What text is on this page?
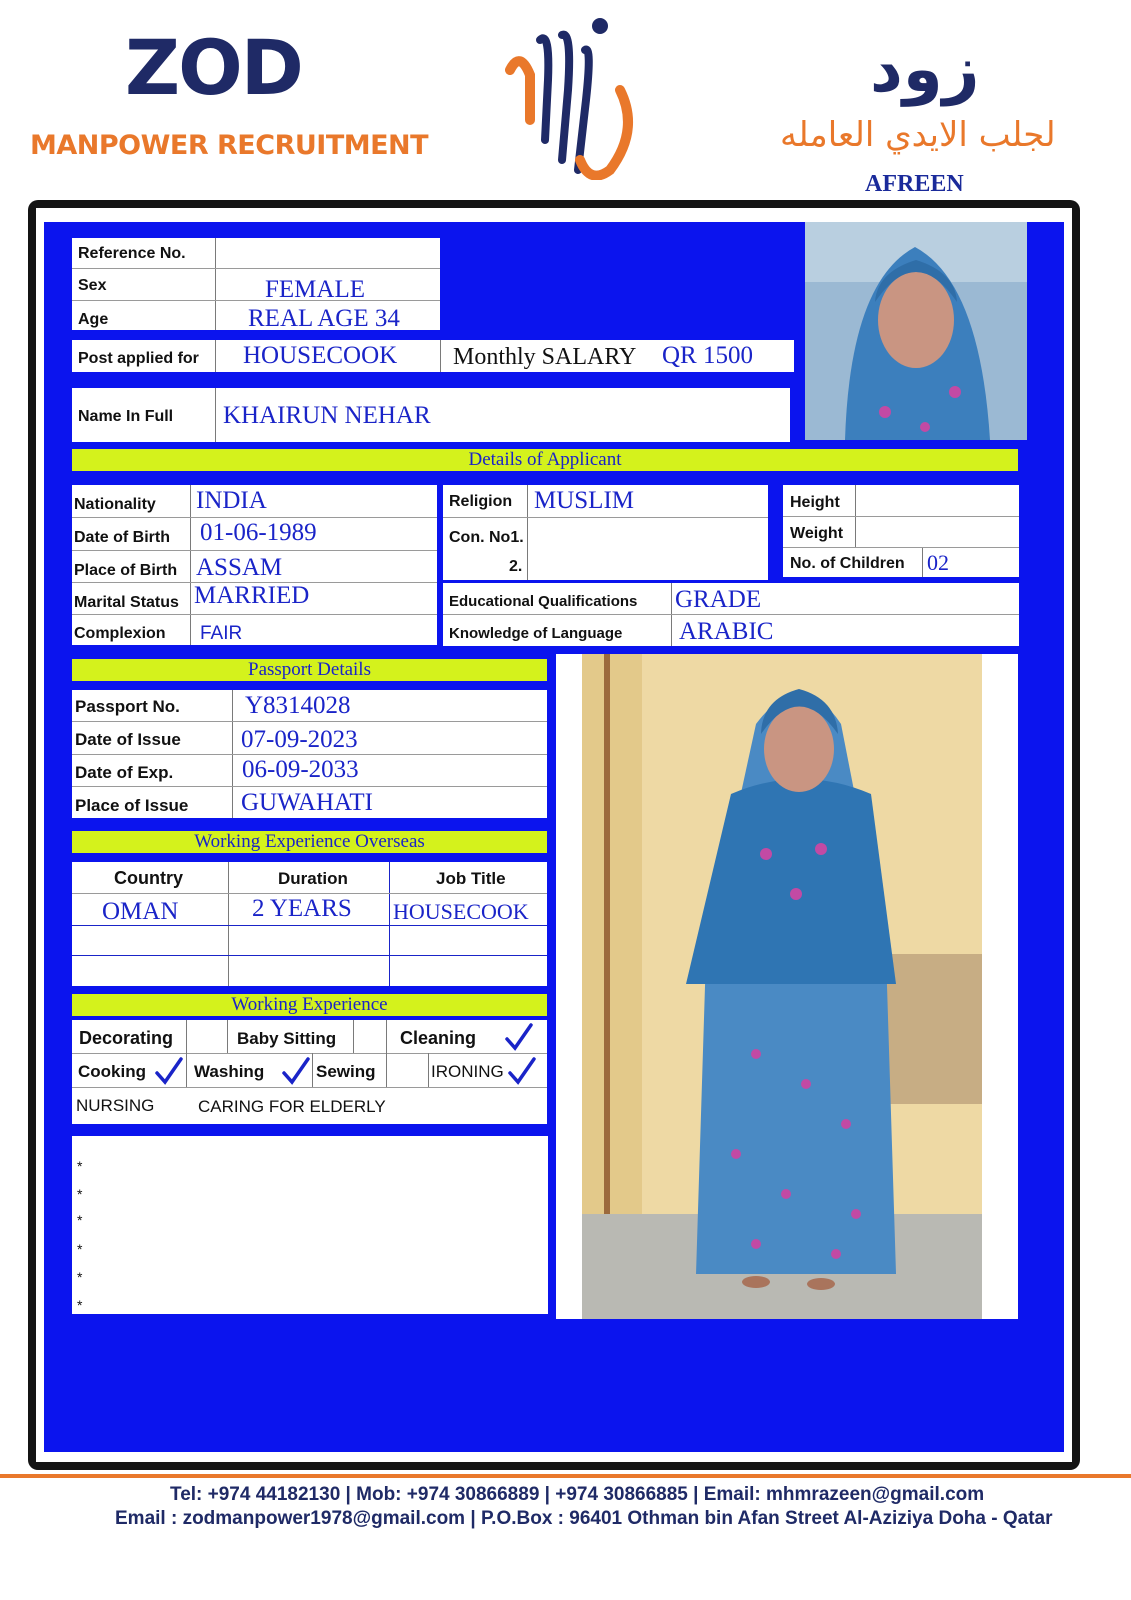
ZOD
MANPOWER RECRUITMENT
زود
لجلب الايدي العامله
AFREEN
Reference No.
Sex	FEMALE
Age	REAL AGE 34
Post applied for HOUSECOOK Monthly SALARY QR 1500
Name In Full KHAIRUN NEHAR
Details of Applicant
Nationality INDIA
Date of Birth 01-06-1989
Place of Birth ASSAM
Marital Status MARRIED
Complexion FAIR
Religion MUSLIM
Con. No1.
2.
Height
Weight
No. of Children 02
Educational Qualifications GRADE
Knowledge of Language ARABIC
Passport Details
Passport No.	Y8314028
Date of Issue 07-09-2023
Date of Exp.	06-09-2033
Place of Issue GUWAHATI
Working Experience Overseas
Country	Duration	Job Title
OMAN	2 YEARS HOUSECOOK
Working Experience
Decorating	Baby Sitting	Cleaning
Cooking	Washing	Sewing	IRONING
NURSING	CARING FOR ELDERLY
*
*
*
*
*
*
Tel: +974 44182130 | Mob: +974 30866889 | +974 30866885 | Email: mhmrazeen@gmail.com
Email : zodmanpower1978@gmail.com | P.O.Box : 96401 Othman bin Afan Street Al-Aziziya Doha - Qatar
